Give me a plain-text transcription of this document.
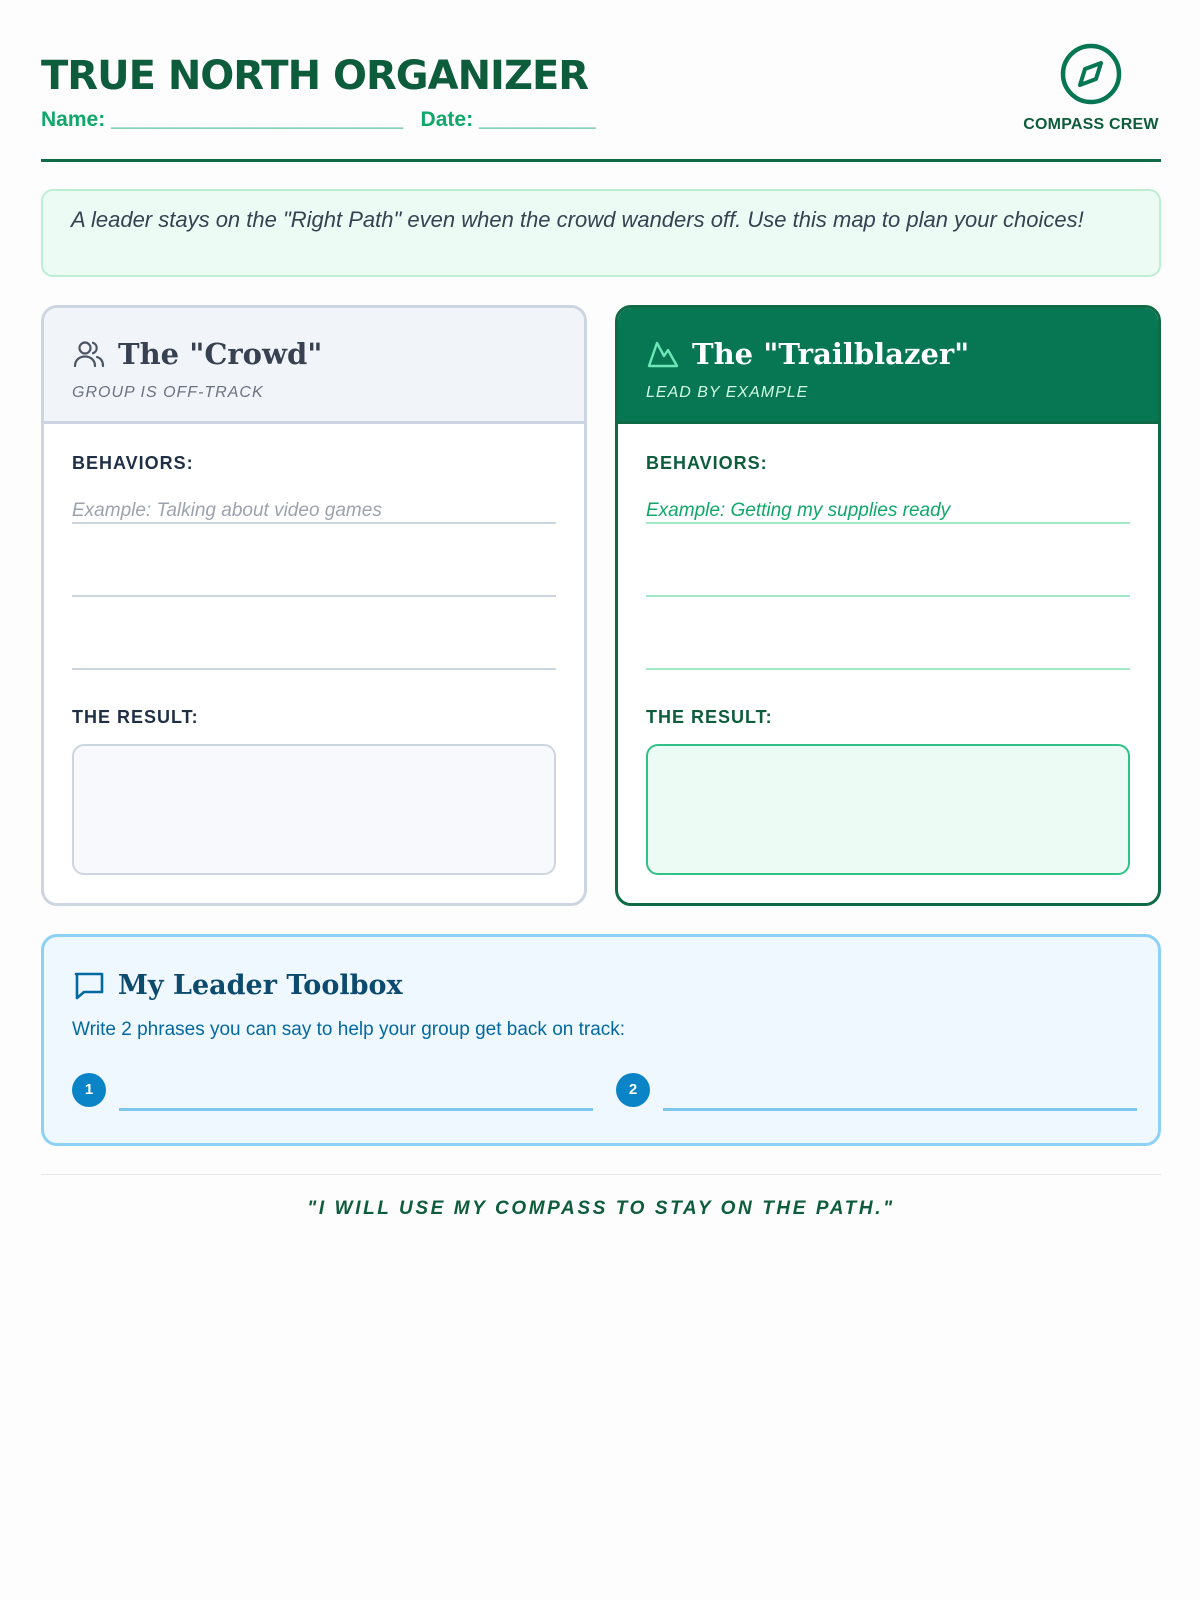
TRUE NORTH ORGANIZER
Name: _________________________ Date: __________	COMPASS CREW
A leader stays on the "Right Path" even when the crowd wanders off. Use this map to plan your choices!
The "Crowd"
GROUP IS OFF-TRACK
BEHAVIORS:
Example: Talking about video games
THE RESULT:
The "Trailblazer"
LEAD BY EXAMPLE
BEHAVIORS:
Example: Getting my supplies ready
THE RESULT:
My Leader Toolbox
Write 2 phrases you can say to help your group get back on track:
1	2
"I WILL USE MY COMPASS TO STAY ON THE PATH."
